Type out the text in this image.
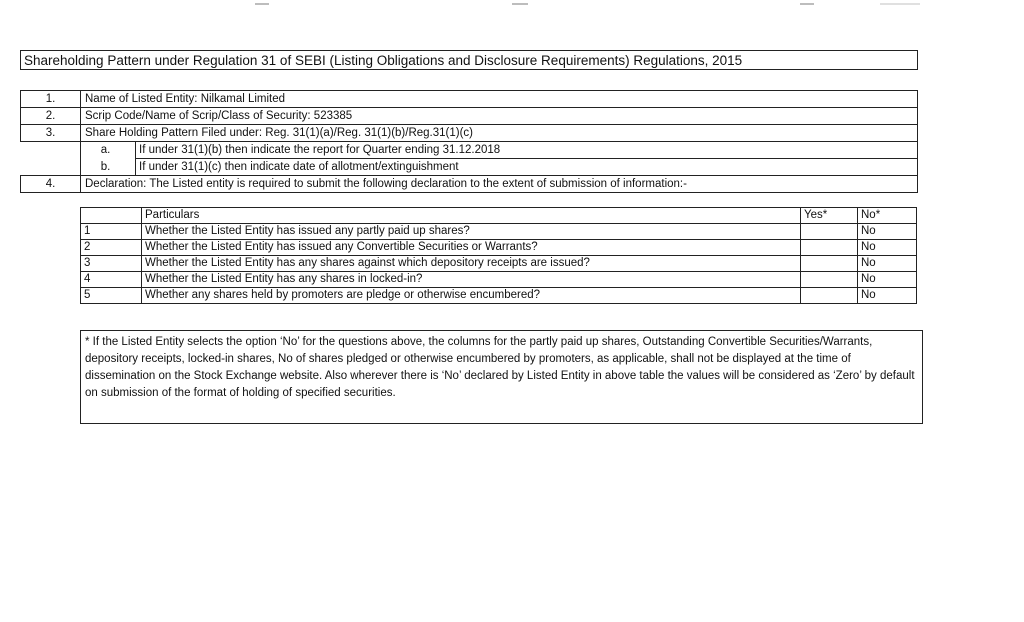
Shareholding Pattern under Regulation 31 of SEBI (Listing Obligations and Disclosure Requirements) Regulations, 2015
1.	Name of Listed Entity: Nilkamal Limited
2.	Scrip Code/Name of Scrip/Class of Security: 523385
3.	Share Holding Pattern Filed under: Reg. 31(1)(a)/Reg. 31(1)(b)/Reg.31(1)(c)
a.	If under 31(1)(b) then indicate the report for Quarter ending 31.12.2018
b.	If under 31(1)(c) then indicate date of allotment/extinguishment
4.	Declaration: The Listed entity is required to submit the following declaration to the extent of submission of information:-
	Particulars	Yes*	No*
1	Whether the Listed Entity has issued any partly paid up shares?		No
2	Whether the Listed Entity has issued any Convertible Securities or Warrants?		No
3	Whether the Listed Entity has any shares against which depository receipts are issued?		No
4	Whether the Listed Entity has any shares in locked-in?		No
5	Whether any shares held by promoters are pledge or otherwise encumbered?		No
* If the Listed Entity selects the option ‘No’ for the questions above, the columns for the partly paid up shares, Outstanding Convertible Securities/Warrants, depository receipts, locked-in shares, No of shares pledged or otherwise encumbered by promoters, as applicable, shall not be displayed at the time of dissemination on the Stock Exchange website. Also wherever there is ‘No’ declared by Listed Entity in above table the values will be considered as ‘Zero’ by default on submission of the format of holding of specified securities.
